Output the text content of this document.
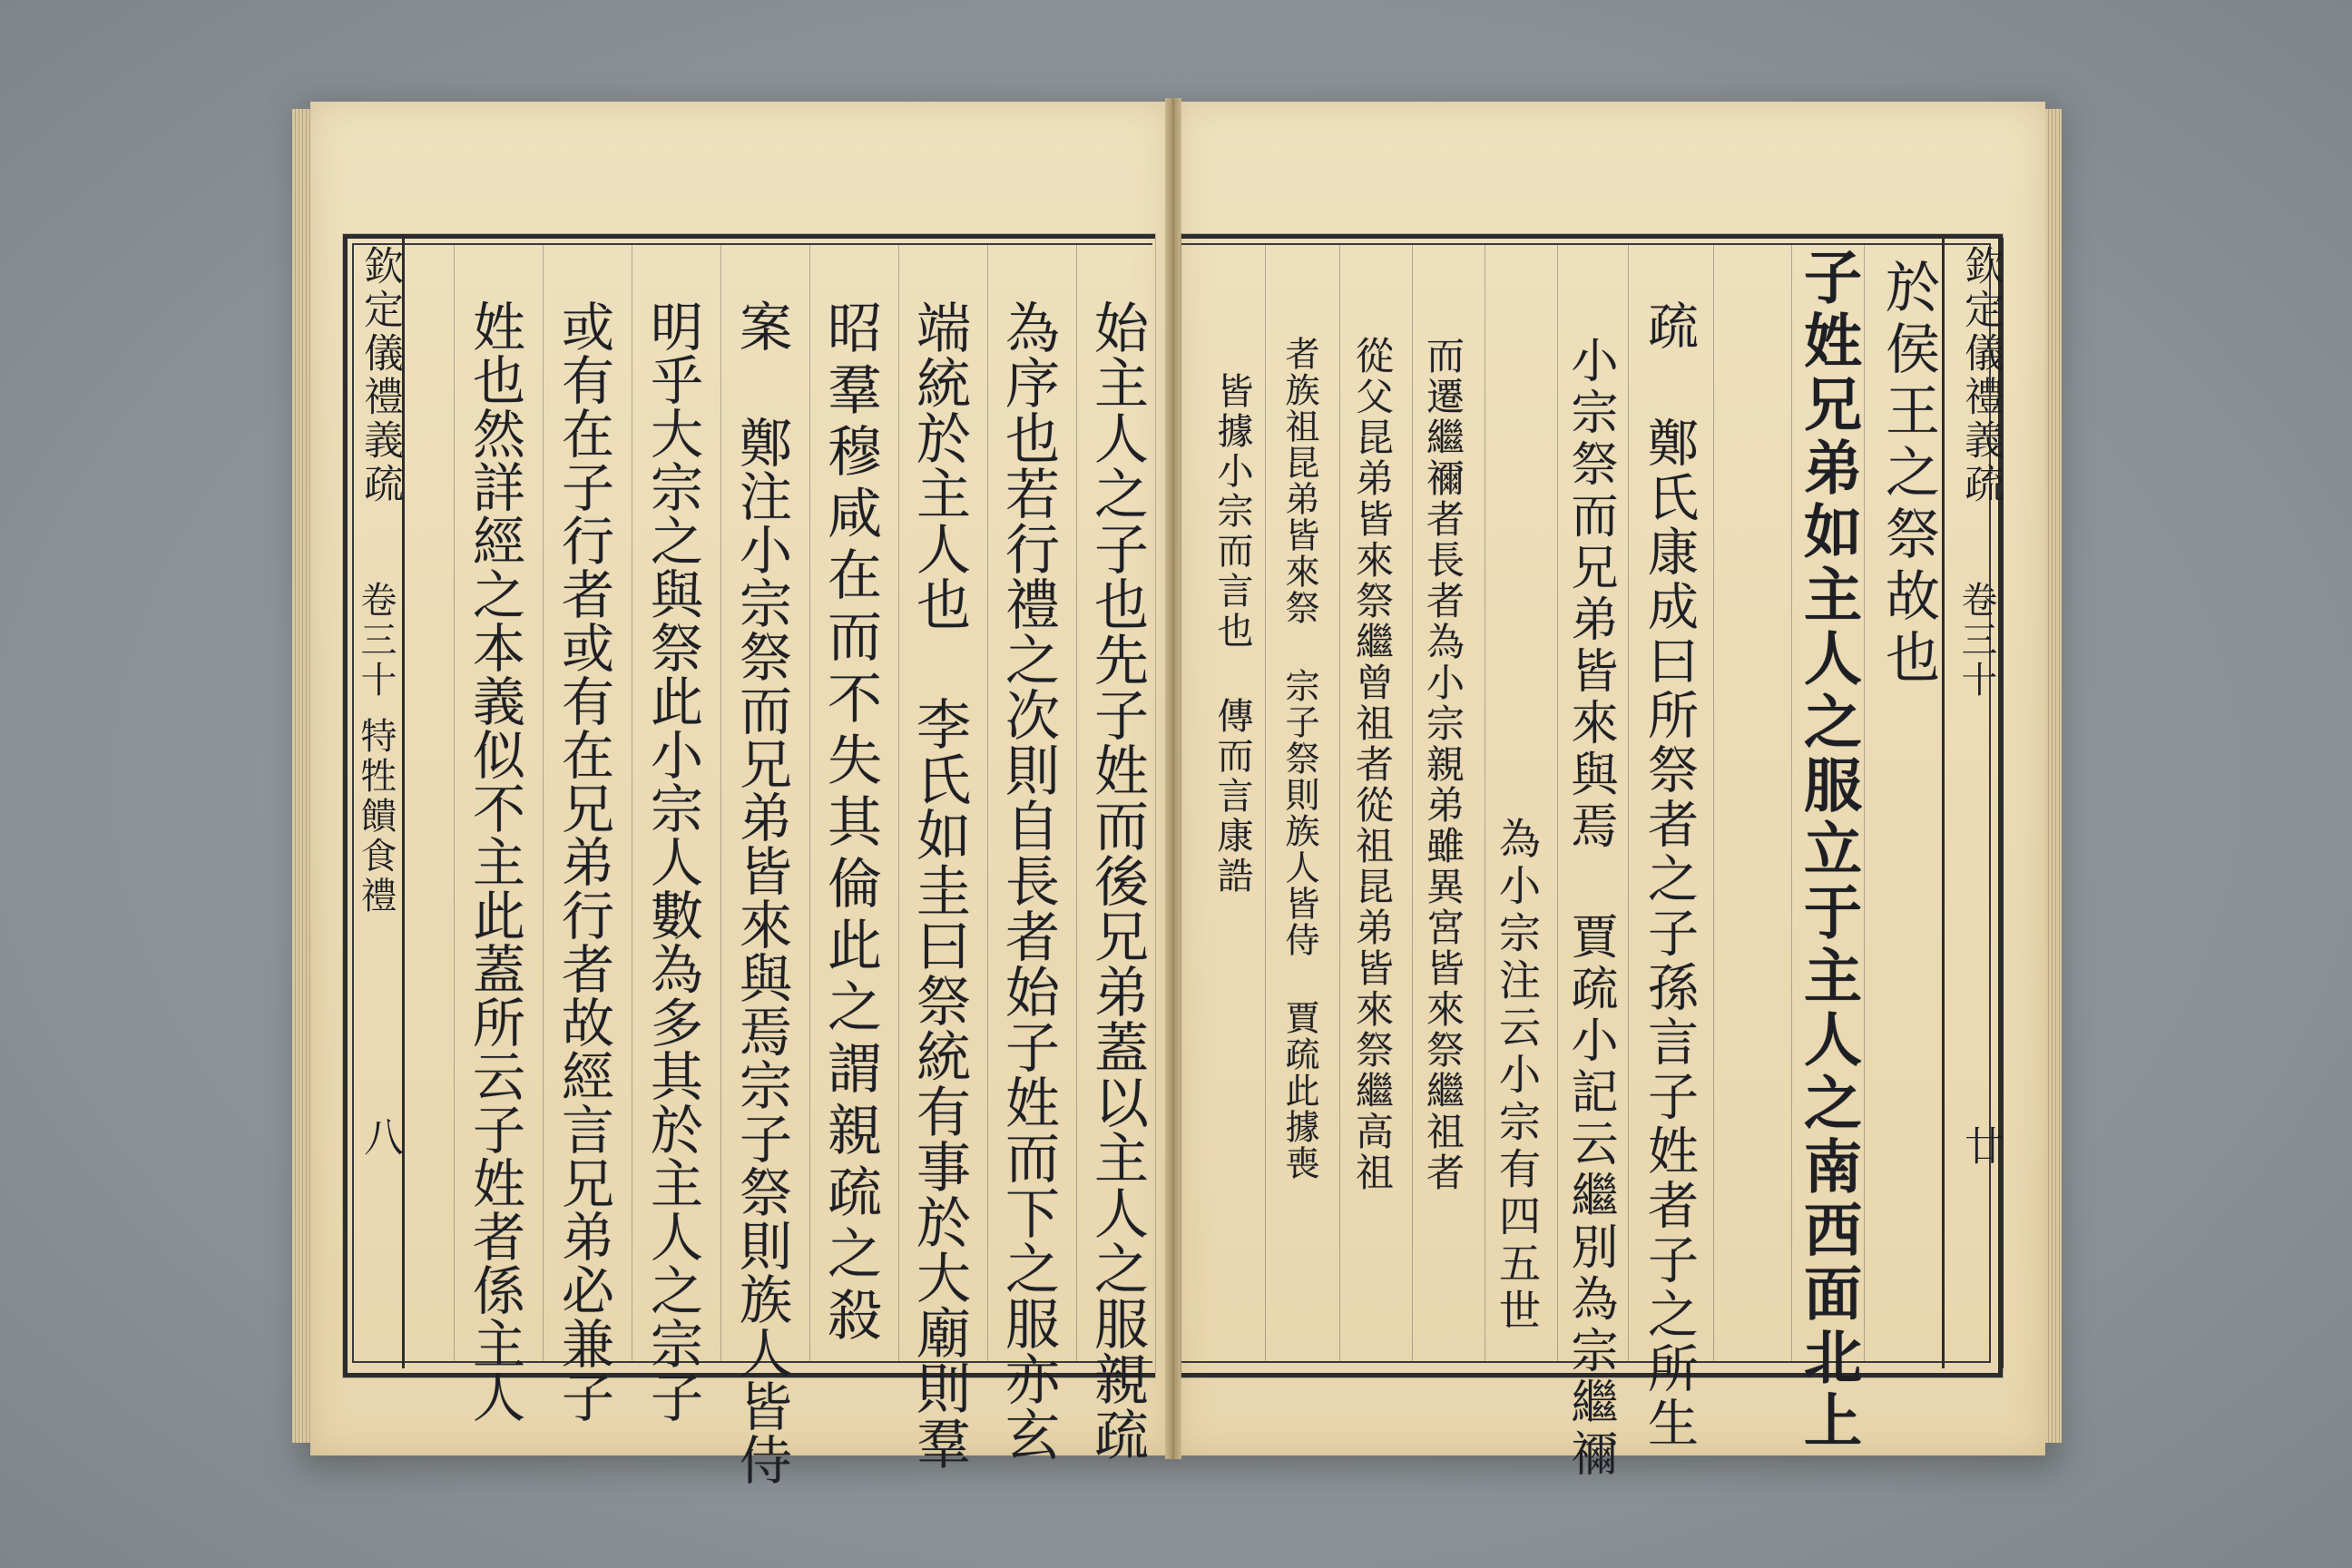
欽定儀禮義疏
卷三十
廿
於侯王之祭故也
子姓兄弟如主人之服立于主人之南西面北上
疏 鄭氏康成曰所祭者之子孫言子姓者子之所生
小宗祭而兄弟皆來與焉 賈疏小記云繼別為宗繼禰
為小宗注云小宗有四五世
而遷繼禰者長者為小宗親弟雖異宮皆來祭繼祖者
從父昆弟皆來祭繼曾祖者從祖昆弟皆來祭繼高祖
者族祖昆弟皆來祭 宗子祭則族人皆侍 賈疏此據喪
皆據小宗而言也 傳而言康誥
欽定儀禮義疏
卷三十
特牲饋食禮
八	始主人之子也先子姓而後兄弟蓋以主人之服親疏
為序也若行禮之次則自長者始子姓而下之服亦玄
端統於主人也 李氏如圭曰祭統有事於大廟則羣
昭羣穆咸在而不失其倫此之謂親疏之殺
案 鄭注小宗祭而兄弟皆來與焉宗子祭則族人皆侍
明乎大宗之與祭此小宗人數為多其於主人之宗子
或有在子行者或有在兄弟行者故經言兄弟必兼子
姓也然詳經之本義似不主此蓋所云子姓者係主人
